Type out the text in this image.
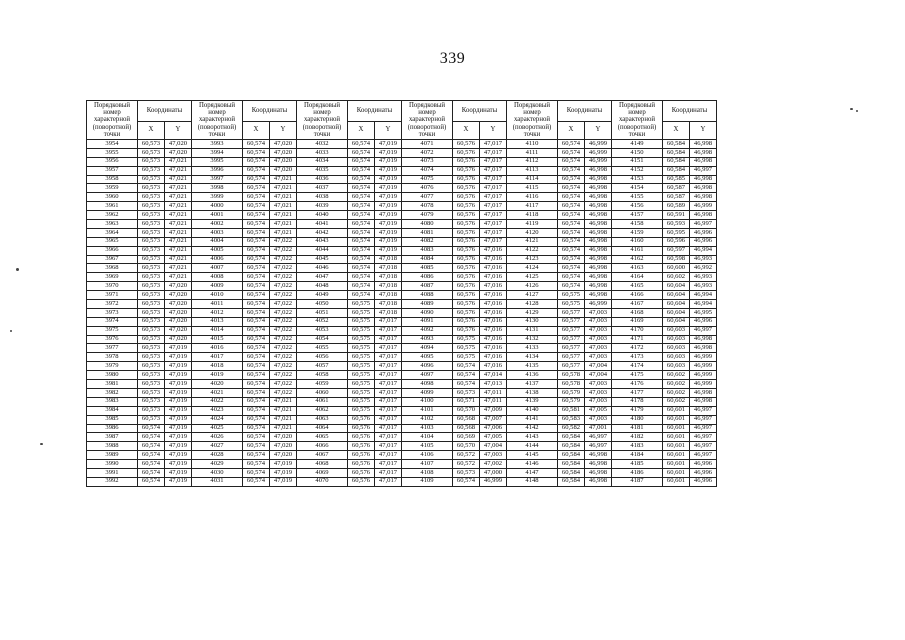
339
Порядковый номер характерной (поворотной) точки	Координаты		Порядковый номер характерной (поворотной) точки	Координаты		Порядковый номер характерной (поворотной) точки	Координаты		Порядковый номер характерной (поворотной) точки	Координаты		Порядковый номер характерной (поворотной) точки	Координаты		Порядковый номер характерной (поворотной) точки	Координаты	
	X	Y		X	Y		X	Y		X	Y		X	Y		X	Y
3954	60,573	47,020	3993	60,574	47,020	4032	60,574	47,019	4071	60,576	47,017	4110	60,574	46,999	4149	60,584	46,998
3955	60,573	47,020	3994	60,574	47,020	4033	60,574	47,019	4072	60,576	47,017	4111	60,574	46,999	4150	60,584	46,998
3956	60,573	47,021	3995	60,574	47,020	4034	60,574	47,019	4073	60,576	47,017	4112	60,574	46,999	4151	60,584	46,998
3957	60,573	47,021	3996	60,574	47,020	4035	60,574	47,019	4074	60,576	47,017	4113	60,574	46,998	4152	60,584	46,997
3958	60,573	47,021	3997	60,574	47,021	4036	60,574	47,019	4075	60,576	47,017	4114	60,574	46,998	4153	60,585	46,998
3959	60,573	47,021	3998	60,574	47,021	4037	60,574	47,019	4076	60,576	47,017	4115	60,574	46,998	4154	60,587	46,998
3960	60,573	47,021	3999	60,574	47,021	4038	60,574	47,019	4077	60,576	47,017	4116	60,574	46,998	4155	60,587	46,998
3961	60,573	47,021	4000	60,574	47,021	4039	60,574	47,019	4078	60,576	47,017	4117	60,574	46,998	4156	60,589	46,999
3962	60,573	47,021	4001	60,574	47,021	4040	60,574	47,019	4079	60,576	47,017	4118	60,574	46,998	4157	60,591	46,998
3963	60,573	47,021	4002	60,574	47,021	4041	60,574	47,019	4080	60,576	47,017	4119	60,574	46,998	4158	60,593	46,997
3964	60,573	47,021	4003	60,574	47,021	4042	60,574	47,019	4081	60,576	47,017	4120	60,574	46,998	4159	60,595	46,996
3965	60,573	47,021	4004	60,574	47,022	4043	60,574	47,019	4082	60,576	47,017	4121	60,574	46,998	4160	60,596	46,996
3966	60,573	47,021	4005	60,574	47,022	4044	60,574	47,019	4083	60,576	47,016	4122	60,574	46,998	4161	60,597	46,994
3967	60,573	47,021	4006	60,574	47,022	4045	60,574	47,018	4084	60,576	47,016	4123	60,574	46,998	4162	60,598	46,993
3968	60,573	47,021	4007	60,574	47,022	4046	60,574	47,018	4085	60,576	47,016	4124	60,574	46,998	4163	60,600	46,992
3969	60,573	47,021	4008	60,574	47,022	4047	60,574	47,018	4086	60,576	47,016	4125	60,574	46,998	4164	60,602	46,993
3970	60,573	47,020	4009	60,574	47,022	4048	60,574	47,018	4087	60,576	47,016	4126	60,574	46,998	4165	60,604	46,993
3971	60,573	47,020	4010	60,574	47,022	4049	60,574	47,018	4088	60,576	47,016	4127	60,575	46,998	4166	60,604	46,994
3972	60,573	47,020	4011	60,574	47,022	4050	60,575	47,018	4089	60,576	47,016	4128	60,575	46,999	4167	60,604	46,994
3973	60,573	47,020	4012	60,574	47,022	4051	60,575	47,018	4090	60,576	47,016	4129	60,577	47,003	4168	60,604	46,995
3974	60,573	47,020	4013	60,574	47,022	4052	60,575	47,017	4091	60,576	47,016	4130	60,577	47,003	4169	60,604	46,996
3975	60,573	47,020	4014	60,574	47,022	4053	60,575	47,017	4092	60,576	47,016	4131	60,577	47,003	4170	60,603	46,997
3976	60,573	47,020	4015	60,574	47,022	4054	60,575	47,017	4093	60,575	47,016	4132	60,577	47,003	4171	60,603	46,998
3977	60,573	47,019	4016	60,574	47,022	4055	60,575	47,017	4094	60,575	47,016	4133	60,577	47,003	4172	60,603	46,998
3978	60,573	47,019	4017	60,574	47,022	4056	60,575	47,017	4095	60,575	47,016	4134	60,577	47,003	4173	60,603	46,999
3979	60,573	47,019	4018	60,574	47,022	4057	60,575	47,017	4096	60,574	47,016	4135	60,577	47,004	4174	60,603	46,999
3980	60,573	47,019	4019	60,574	47,022	4058	60,575	47,017	4097	60,574	47,014	4136	60,578	47,004	4175	60,602	46,999
3981	60,573	47,019	4020	60,574	47,022	4059	60,575	47,017	4098	60,574	47,013	4137	60,578	47,003	4176	60,602	46,999
3982	60,573	47,019	4021	60,574	47,022	4060	60,575	47,017	4099	60,573	47,011	4138	60,579	47,003	4177	60,602	46,998
3983	60,573	47,019	4022	60,574	47,021	4061	60,575	47,017	4100	60,571	47,011	4139	60,579	47,003	4178	60,602	46,998
3984	60,573	47,019	4023	60,574	47,021	4062	60,575	47,017	4101	60,570	47,009	4140	60,581	47,005	4179	60,601	46,997
3985	60,573	47,019	4024	60,574	47,021	4063	60,576	47,017	4102	60,568	47,007	4141	60,583	47,003	4180	60,601	46,997
3986	60,574	47,019	4025	60,574	47,021	4064	60,576	47,017	4103	60,568	47,006	4142	60,582	47,001	4181	60,601	46,997
3987	60,574	47,019	4026	60,574	47,020	4065	60,576	47,017	4104	60,569	47,005	4143	60,584	46,997	4182	60,601	46,997
3988	60,574	47,019	4027	60,574	47,020	4066	60,576	47,017	4105	60,570	47,004	4144	60,584	46,997	4183	60,601	46,997
3989	60,574	47,019	4028	60,574	47,020	4067	60,576	47,017	4106	60,572	47,003	4145	60,584	46,998	4184	60,601	46,997
3990	60,574	47,019	4029	60,574	47,019	4068	60,576	47,017	4107	60,572	47,002	4146	60,584	46,998	4185	60,601	46,996
3991	60,574	47,019	4030	60,574	47,019	4069	60,576	47,017	4108	60,573	47,000	4147	60,584	46,998	4186	60,601	46,996
3992	60,574	47,019	4031	60,574	47,019	4070	60,576	47,017	4109	60,574	46,999	4148	60,584	46,998	4187	60,601	46,996
